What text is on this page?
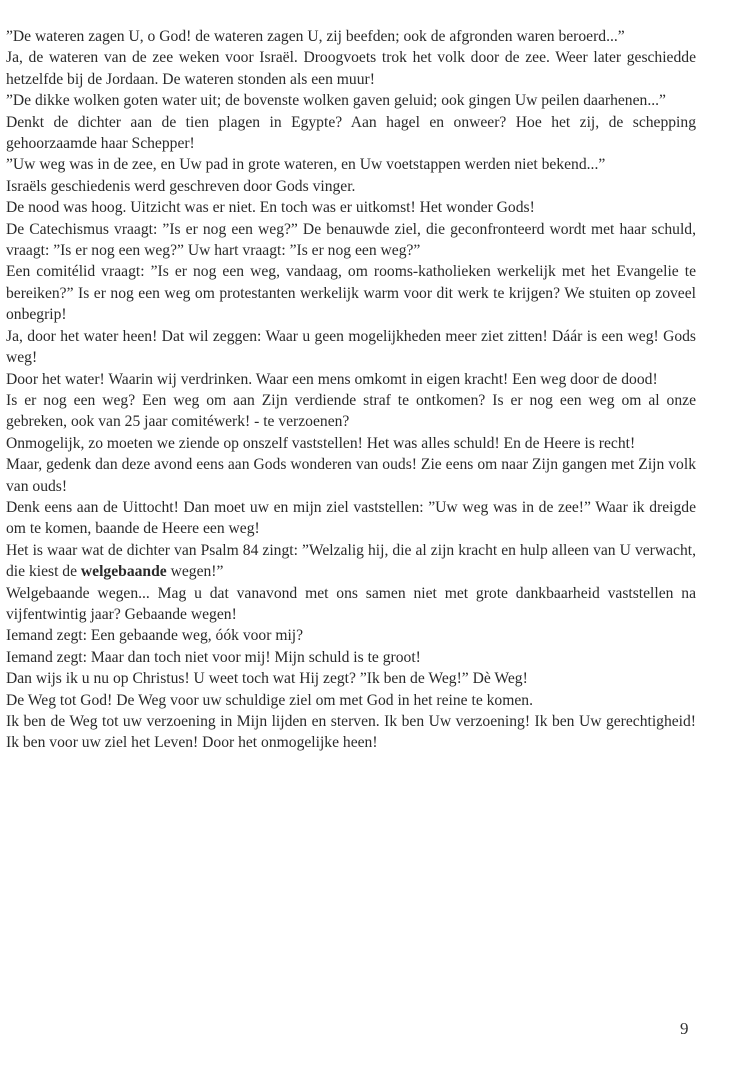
”De wateren zagen U, o God! de wateren zagen U, zij beefden; ook de afgronden waren beroerd...”

Ja, de wateren van de zee weken voor Israël. Droogvoets trok het volk door de zee. Weer later geschiedde hetzelfde bij de Jordaan. De wateren stonden als een muur!

”De dikke wolken goten water uit; de bovenste wolken gaven geluid; ook gingen Uw peilen daarhenen...”

Denkt de dichter aan de tien plagen in Egypte? Aan hagel en onweer? Hoe het zij, de schepping gehoorzaamde haar Schepper!

”Uw weg was in de zee, en Uw pad in grote wateren, en Uw voetstappen werden niet bekend...”

Israëls geschiedenis werd geschreven door Gods vinger.

De nood was hoog. Uitzicht was er niet. En toch was er uitkomst! Het wonder Gods!

De Catechismus vraagt: ”Is er nog een weg?” De benauwde ziel, die geconfronteerd wordt met haar schuld, vraagt: ”Is er nog een weg?” Uw hart vraagt: ”Is er nog een weg?”

Een comitélid vraagt: ”Is er nog een weg, vandaag, om rooms-katholieken werkelijk met het Evangelie te bereiken?” Is er nog een weg om protestanten werkelijk warm voor dit werk te krijgen? We stuiten op zoveel onbegrip!

Ja, door het water heen! Dat wil zeggen: Waar u geen mogelijkheden meer ziet zitten! Dáár is een weg! Gods weg!

Door het water! Waarin wij verdrinken. Waar een mens omkomt in eigen kracht! Een weg door de dood!

Is er nog een weg? Een weg om aan Zijn verdiende straf te ontkomen? Is er nog een weg om al onze gebreken, ook van 25 jaar comitéwerk! - te verzoenen?

Onmogelijk, zo moeten we ziende op onszelf vaststellen! Het was alles schuld! En de Heere is recht!

Maar, gedenk dan deze avond eens aan Gods wonderen van ouds! Zie eens om naar Zijn gangen met Zijn volk van ouds!

Denk eens aan de Uittocht! Dan moet uw en mijn ziel vaststellen: ”Uw weg was in de zee!” Waar ik dreigde om te komen, baande de Heere een weg!

Het is waar wat de dichter van Psalm 84 zingt: ”Welzalig hij, die al zijn kracht en hulp alleen van U verwacht, die kiest de welgebaande wegen!”

Welgebaande wegen... Mag u dat vanavond met ons samen niet met grote dankbaarheid vaststellen na vijfentwintig jaar? Gebaande wegen!

Iemand zegt: Een gebaande weg, óók voor mij?

Iemand zegt: Maar dan toch niet voor mij! Mijn schuld is te groot!

Dan wijs ik u nu op Christus! U weet toch wat Hij zegt? ”Ik ben de Weg!” Dè Weg!

De Weg tot God! De Weg voor uw schuldige ziel om met God in het reine te komen.

Ik ben de Weg tot uw verzoening in Mijn lijden en sterven. Ik ben Uw verzoening! Ik ben Uw gerechtigheid! Ik ben voor uw ziel het Leven! Door het onmogelijke heen!

9
